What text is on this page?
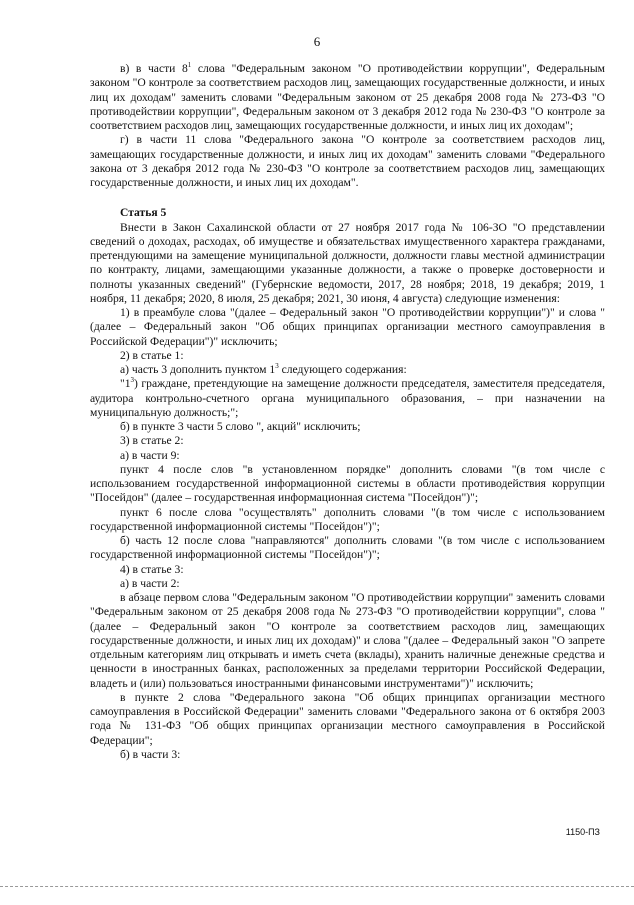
6

в) в части $8^1$ слова "Федеральным законом "О противодействии коррупции", Федеральным законом "О контроле за соответствием расходов лиц, замещающих государственные должности, и иных лиц их доходам" заменить словами "Федеральным законом от 25 декабря 2008 года № 273-ФЗ "О противодействии коррупции", Федеральным законом от 3 декабря 2012 года № 230-ФЗ "О контроле за соответствием расходов лиц, замещающих государственные должности, и иных лиц их доходам";

г) в части 11 слова "Федерального закона "О контроле за соответствием расходов лиц, замещающих государственные должности, и иных лиц их доходам" заменить словами "Федерального закона от 3 декабря 2012 года № 230-ФЗ "О контроле за соответствием расходов лиц, замещающих государственные должности, и иных лиц их доходам".

Статья 5

Внести в Закон Сахалинской области от 27 ноября 2017 года № 106-ЗО "О представлении сведений о доходах, расходах, об имуществе и обязательствах имущественного характера гражданами, претендующими на замещение муниципальной должности, должности главы местной администрации по контракту, лицами, замещающими указанные должности, а также о проверке достоверности и полноты указанных сведений" (Губернские ведомости, 2017, 28 ноября; 2018, 19 декабря; 2019, 1 ноября, 11 декабря; 2020, 8 июля, 25 декабря; 2021, 30 июня, 4 августа) следующие изменения:

1) в преамбуле слова "(далее – Федеральный закон "О противодействии коррупции")" и слова "(далее – Федеральный закон "Об общих принципах организации местного самоуправления в Российской Федерации")" исключить;

2) в статье 1:

а) часть 3 дополнить пунктом $1^3$ следующего содержания:

"$1^3$) граждане, претендующие на замещение должности председателя, заместителя председателя, аудитора контрольно-счетного органа муниципального образования, – при назначении на муниципальную должность;";

б) в пункте 3 части 5 слово ", акций" исключить;

3) в статье 2:

а) в части 9:

пункт 4 после слов "в установленном порядке" дополнить словами "(в том числе с использованием государственной информационной системы в области противодействия коррупции "Посейдон" (далее – государственная информационная система "Посейдон")";

пункт 6 после слова "осуществлять" дополнить словами "(в том числе с использованием государственной информационной системы "Посейдон")";

б) часть 12 после слова "направляются" дополнить словами "(в том числе с использованием государственной информационной системы "Посейдон")";

4) в статье 3:

а) в части 2:

в абзаце первом слова "Федеральным законом "О противодействии коррупции" заменить словами "Федеральным законом от 25 декабря 2008 года № 273-ФЗ "О противодействии коррупции", слова "(далее – Федеральный закон "О контроле за соответствием расходов лиц, замещающих государственные должности, и иных лиц их доходам)" и слова "(далее – Федеральный закон "О запрете отдельным категориям лиц открывать и иметь счета (вклады), хранить наличные денежные средства и ценности в иностранных банках, расположенных за пределами территории Российской Федерации, владеть и (или) пользоваться иностранными финансовыми инструментами")" исключить;

в пункте 2 слова "Федерального закона "Об общих принципах организации местного самоуправления в Российской Федерации" заменить словами "Федерального закона от 6 октября 2003 года № 131-ФЗ "Об общих принципах организации местного самоуправления в Российской Федерации";

б) в части 3:

1150-ПЗ
